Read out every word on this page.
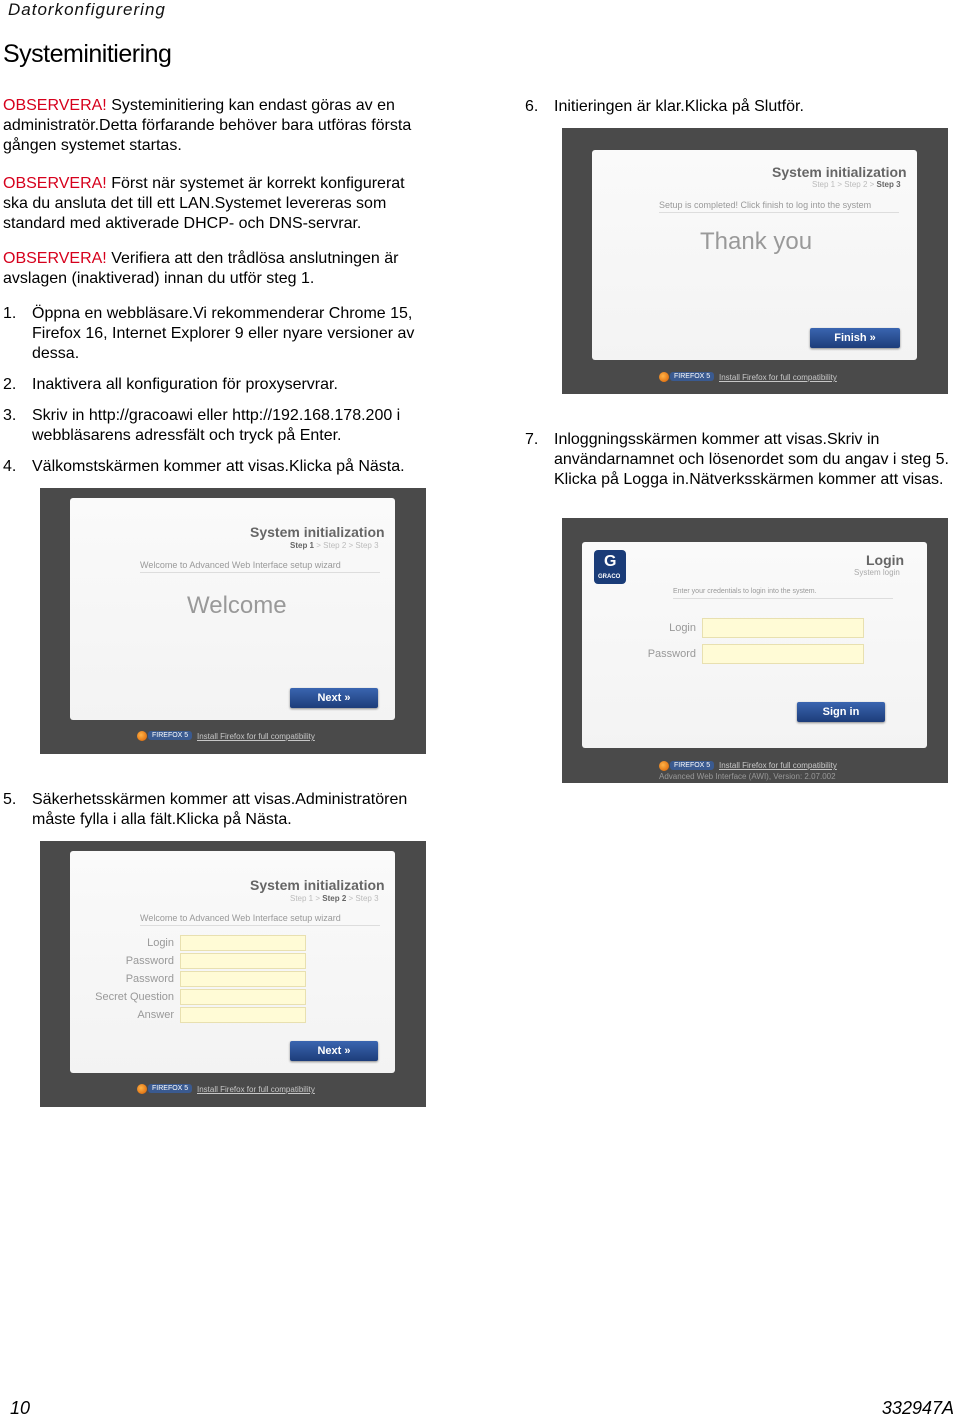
Datorkonfigurering
Systeminitiering
OBSERVERA! Systeminitiering kan endast göras av en administratör.Detta förfarande behöver bara utföras första gången systemet startas.
OBSERVERA! Först när systemet är korrekt konfigurerat ska du ansluta det till ett LAN.Systemet levereras som standard med aktiverade DHCP- och DNS-servrar.
OBSERVERA! Verifiera att den trådlösa anslutningen är avslagen (inaktiverad) innan du utför steg 1.
1. Öppna en webbläsare.Vi rekommenderar Chrome 15, Firefox 16, Internet Explorer 9 eller nyare versioner av dessa.
2. Inaktivera all konfiguration för proxyservrar.
3. Skriv in http://gracoawi eller http://192.168.178.200 i webbläsarens adressfält och tryck på Enter.
4. Välkomstskärmen kommer att visas.Klicka på Nästa.
System initialization
Step 1 > Step 2 > Step 3
Welcome to Advanced Web Interface setup wizard
Welcome
Next »
FIREFOX 5	Install Firefox for full compatibility
5. Säkerhetsskärmen kommer att visas.Administratören måste fylla i alla fält.Klicka på Nästa.
System initialization
Step 1 > Step 2 > Step 3
Welcome to Advanced Web Interface setup wizard
Login
Password
Password
Secret Question
Answer
Next »
FIREFOX 5	Install Firefox for full compatibility
6. Initieringen är klar.Klicka på Slutför.
System initialization
Step 1 > Step 2 > Step 3
Setup is completed! Click finish to log into the system
Thank you
Finish »
FIREFOX 5	Install Firefox for full compatibility
7. Inloggningsskärmen kommer att visas.Skriv in användarnamnet och lösenordet som du angav i steg 5. Klicka på Logga in.Nätverksskärmen kommer att visas.
G
GRACO
Login
System login
Enter your credentials to login into the system.
Login
Password
Sign in
FIREFOX 5	Install Firefox for full compatibility
Advanced Web Interface (AWI), Version: 2.07.002
10	332947A
